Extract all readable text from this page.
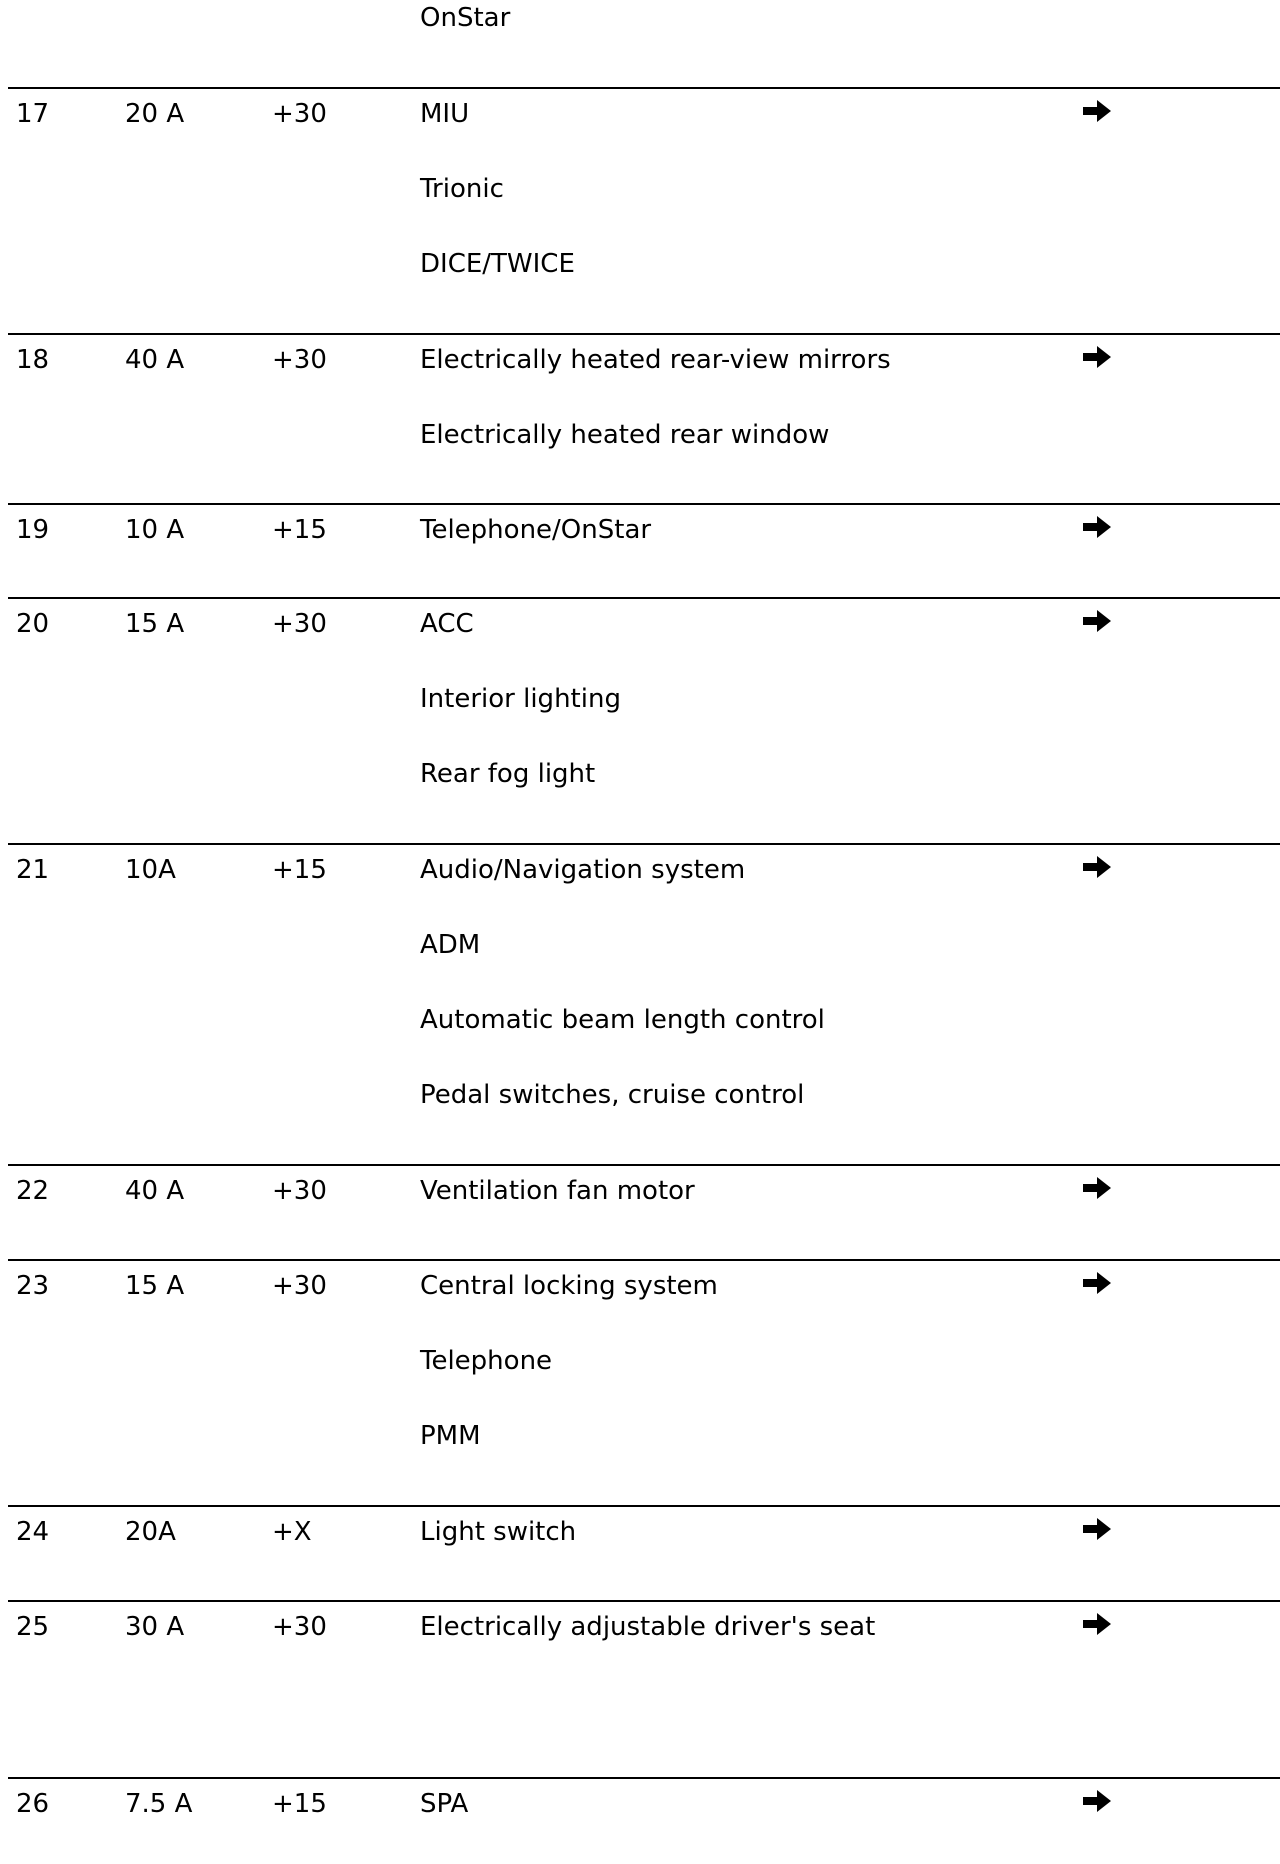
OnStar
17	20 A	+30	MIU
Trionic
DICE/TWICE
18	40 A	+30	Electrically heated rear-view mirrors
Electrically heated rear window
19	10 A	+15	Telephone/OnStar
20	15 A	+30	ACC
Interior lighting
Rear fog light
21	10A	+15	Audio/Navigation system
ADM
Automatic beam length control
Pedal switches, cruise control
22	40 A	+30	Ventilation fan motor
23	15 A	+30	Central locking system
Telephone
PMM
24	20A	+X	Light switch
25	30 A	+30	Electrically adjustable driver's seat
26	7.5 A	+15	SPA
